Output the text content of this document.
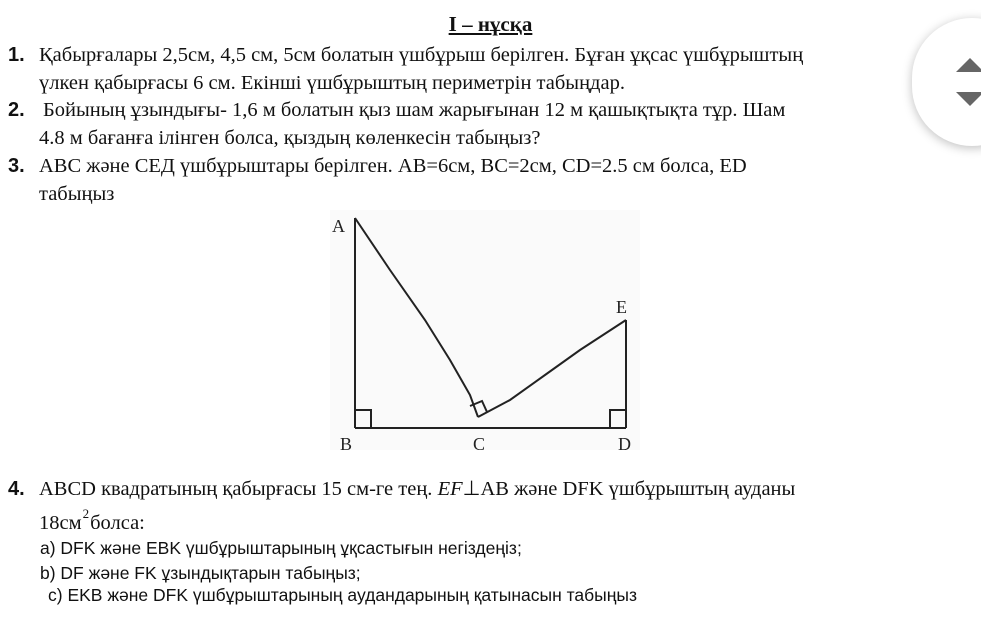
І – нұсқа
1. Қабырғалары 2,5см, 4,5 см, 5см болатын үшбұрыш берілген. Бұған ұқсас үшбұрыштың
үлкен қабырғасы 6 см. Екінші үшбұрыштың периметрін табыңдар.
2. Бойының ұзындығы- 1,6 м болатын қыз шам жарығынан 12 м қашықтықта тұр. Шам
4.8 м бағанға ілінген болса, қыздың көленкесін табыңыз?
3. АВС және СЕД үшбұрыштары берілген. АВ=6см, ВС=2см, CD=2.5 см болса, ED
табыңыз
A
B	C	D
E
4. ABCD квадратының қабырғасы 15 см-ге тең. EF⊥AB және DFK үшбұрыштың ауданы
$18см^2болса$:
a) DFK және EBK үшбұрыштарының ұқсастығын негіздеңіз;
b) DF және FK ұзындықтарын табыңыз;
c) EKB және DFK үшбұрыштарының аудандарының қатынасын табыңыз
